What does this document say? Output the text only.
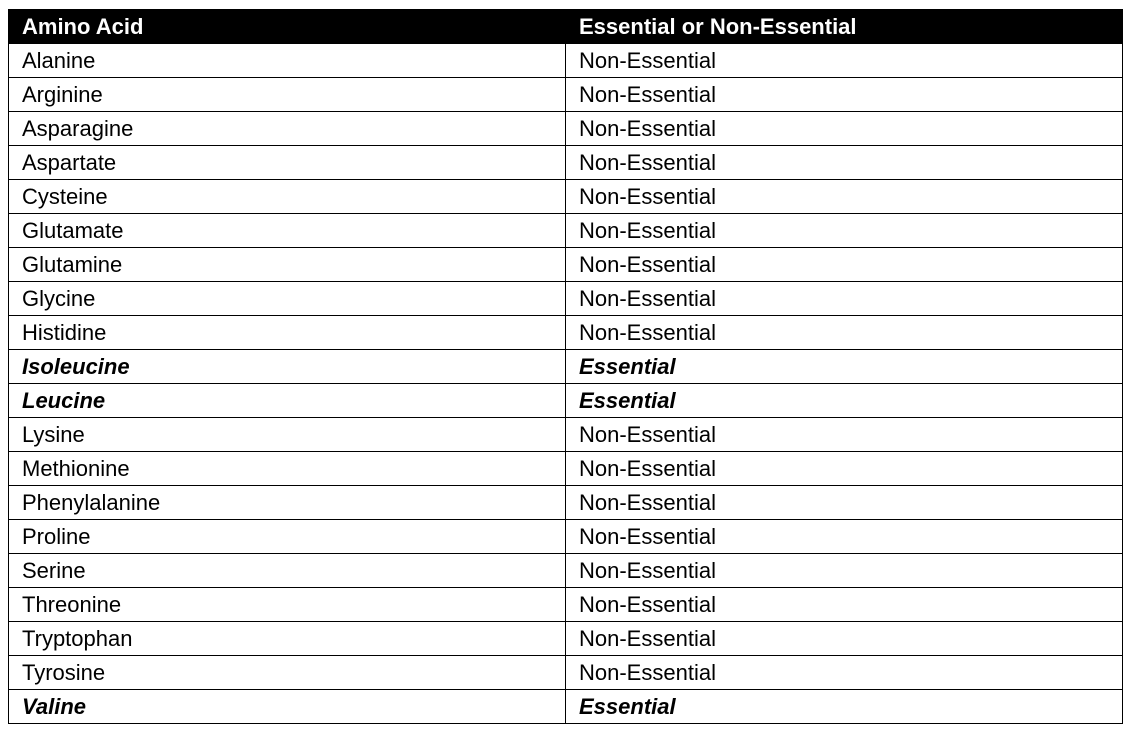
Amino Acid	Essential or Non-Essential
Alanine	Non-Essential
Arginine	Non-Essential
Asparagine	Non-Essential
Aspartate	Non-Essential
Cysteine	Non-Essential
Glutamate	Non-Essential
Glutamine	Non-Essential
Glycine	Non-Essential
Histidine	Non-Essential
Isoleucine	Essential
Leucine	Essential
Lysine	Non-Essential
Methionine	Non-Essential
Phenylalanine	Non-Essential
Proline	Non-Essential
Serine	Non-Essential
Threonine	Non-Essential
Tryptophan	Non-Essential
Tyrosine	Non-Essential
Valine	Essential
